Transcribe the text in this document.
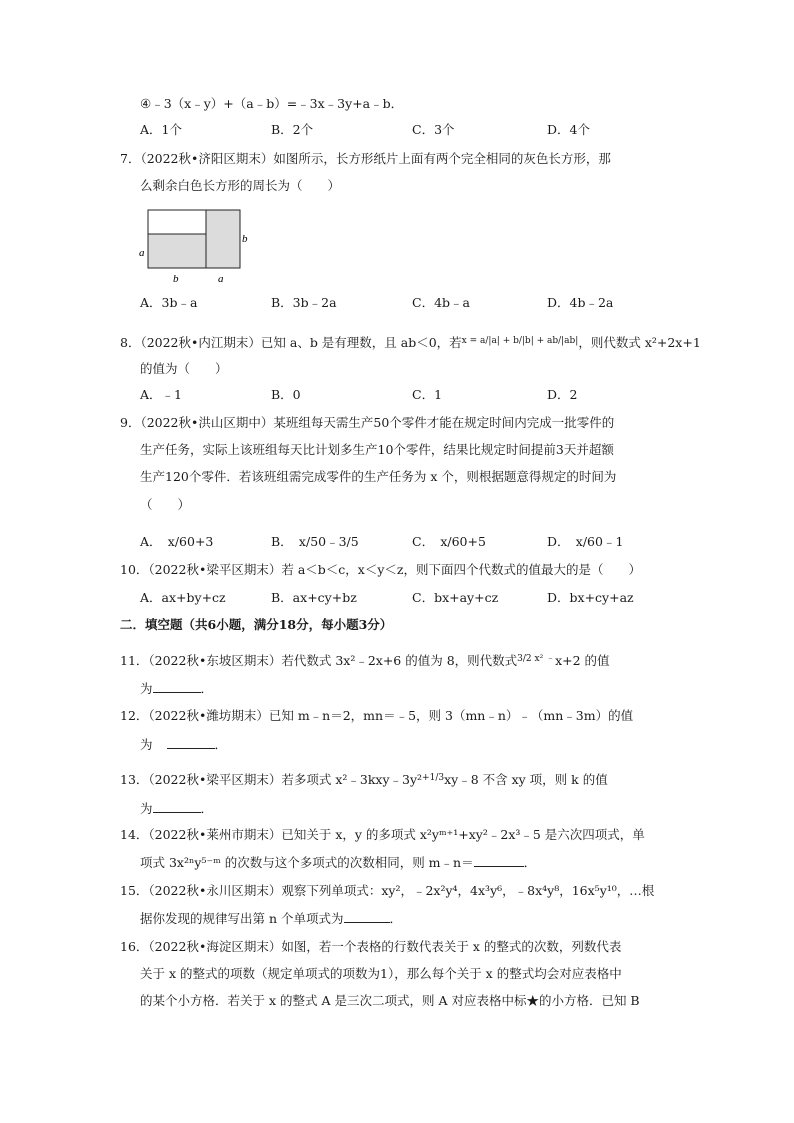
④﹣3（x﹣y）+（a﹣b）=﹣3x﹣3y+a﹣b．
A．1个	B．2个	C．3个	D．4个
7．（2022秋•济阳区期末）如图所示，长方形纸片上面有两个完全相同的灰色长方形，那
么剩余白色长方形的周长为（　　）
a
b
b	a
A．3b﹣a	B．3b﹣2a	C．4b﹣a	D．4b﹣2a
8．（2022秋•内江期末）已知 a、b 是有理数，且 ab＜0，若$^{x = a/|a| + b/|b| + ab/|ab|}$，则代数式 x²+2x+1
的值为（　　）
A．﹣1	B．0	C．1	D．2
9．（2022秋•洪山区期中）某班组每天需生产50个零件才能在规定时间内完成一批零件的
生产任务，实际上该班组每天比计划多生产10个零件，结果比规定时间提前3天并超额
生产120个零件．若该班组需完成零件的生产任务为 x 个，则根据题意得规定的时间为
（　　）
A．　x/60+3	B．　x/50﹣3/5	C．　x/60+5	D．　x/60﹣1
10．（2022秋•梁平区期末）若 a＜b＜c，x＜y＜z，则下面四个代数式的值最大的是（　　）
A．ax+by+cz	B．ax+cy+bz	C．bx+ay+cz	D．bx+cy+az
二．填空题（共6小题，满分18分，每小题3分）
11．（2022秋•东坡区期末）若代数式 3x²﹣2x+6 的值为 8，则代数式$^{3/2 x^2 ﹣}$x+2 的值
为	．
12．（2022秋•潍坊期末）已知 m﹣n＝2，mn＝﹣5，则 3（mn﹣n）﹣（mn﹣3m）的值
为	．
13．（2022秋•梁平区期末）若多项式 x²﹣3kxy﹣3y²$^{+1/3}$xy﹣8 不含 xy 项，则 k 的值
为	．
14．（2022秋•莱州市期末）已知关于 x，y 的多项式 x²yᵐ⁺¹+xy²﹣2x³﹣5 是六次四项式，单
项式 3x²ⁿy⁵⁻ᵐ 的次数与这个多项式的次数相同，则 m﹣n＝	．
15．（2022秋•永川区期末）观察下列单项式：xy²，﹣2x²y⁴，4x³y⁶，﹣8x⁴y⁸，16x⁵y¹⁰，…根
据你发现的规律写出第 n 个单项式为	．
16．（2022秋•海淀区期末）如图，若一个表格的行数代表关于 x 的整式的次数，列数代表
关于 x 的整式的项数（规定单项式的项数为1），那么每个关于 x 的整式均会对应表格中
的某个小方格．若关于 x 的整式 A 是三次二项式，则 A 对应表格中标★的小方格．已知 B
